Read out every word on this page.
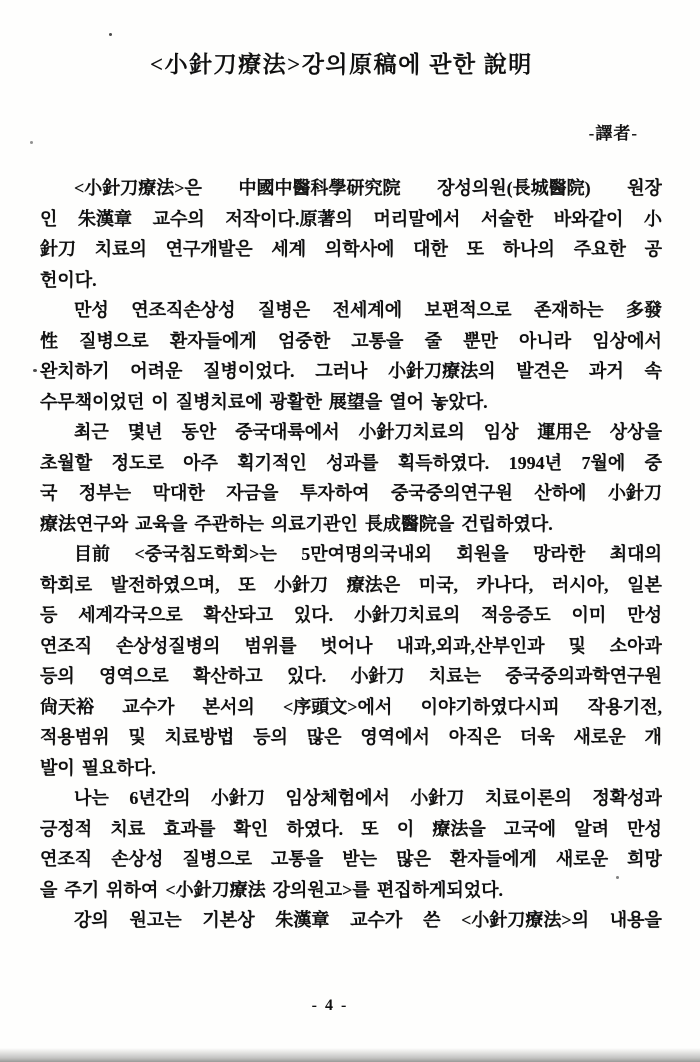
<小針刀療法>강의原稿에 관한 說明
-譯者-
<小針刀療法>은 中國中醫科學研究院 장성의원(長城醫院) 원장
인 朱漢章 교수의 저작이다.原著의 머리말에서 서술한 바와같이 小
針刀 치료의 연구개발은 세계 의학사에 대한 또 하나의 주요한 공
헌이다.
만성 연조직손상성 질병은 전세계에 보편적으로 존재하는 多發
性 질병으로 환자들에게 엄중한 고통을 줄 뿐만 아니라 임상에서
완치하기 어려운 질병이었다. 그러나 小針刀療法의 발견은 과거 속
수무책이었던 이 질병치료에 광활한 展望을 열어 놓았다.
최근 몇년 동안 중국대륙에서 小針刀치료의 임상 運用은 상상을
초월할 정도로 아주 획기적인 성과를 획득하였다. 1994년 7월에 중
국 정부는 막대한 자금을 투자하여 중국중의연구원 산하에 小針刀
療法연구와 교육을 주관하는 의료기관인 長成醫院을 건립하였다.
目前 <중국침도학회>는 5만여명의국내외 회원을 망라한 최대의
학회로 발전하였으며, 또 小針刀 療法은 미국, 카나다, 러시아, 일본
등 세계각국으로 확산돠고 있다. 小針刀치료의 적응증도 이미 만성
연조직 손상성질병의 범위를 벗어나 내과,외과,산부인과 및 소아과
등의 영역으로 확산하고 있다. 小針刀 치료는 중국중의과학연구원
尙天裕 교수가 본서의 <序頭文>에서 이야기하였다시피 작용기전,
적용범위 및 치료방법 등의 많은 영역에서 아직은 더욱 새로운 개
발이 필요하다.
나는 6년간의 小針刀 임상체험에서 小針刀 치료이론의 정확성과
긍정적 치료 효과를 확인 하였다. 또 이 療法을 고국에 알려 만성
연조직 손상성 질병으로 고통을 받는 많은 환자들에게 새로운 희망
을 주기 위하여 <小針刀療法 강의원고>를 편집하게되었다.
강의 원고는 기본상 朱漢章 교수가 쓴 <小針刀療法>의 내용을
- 4 -
